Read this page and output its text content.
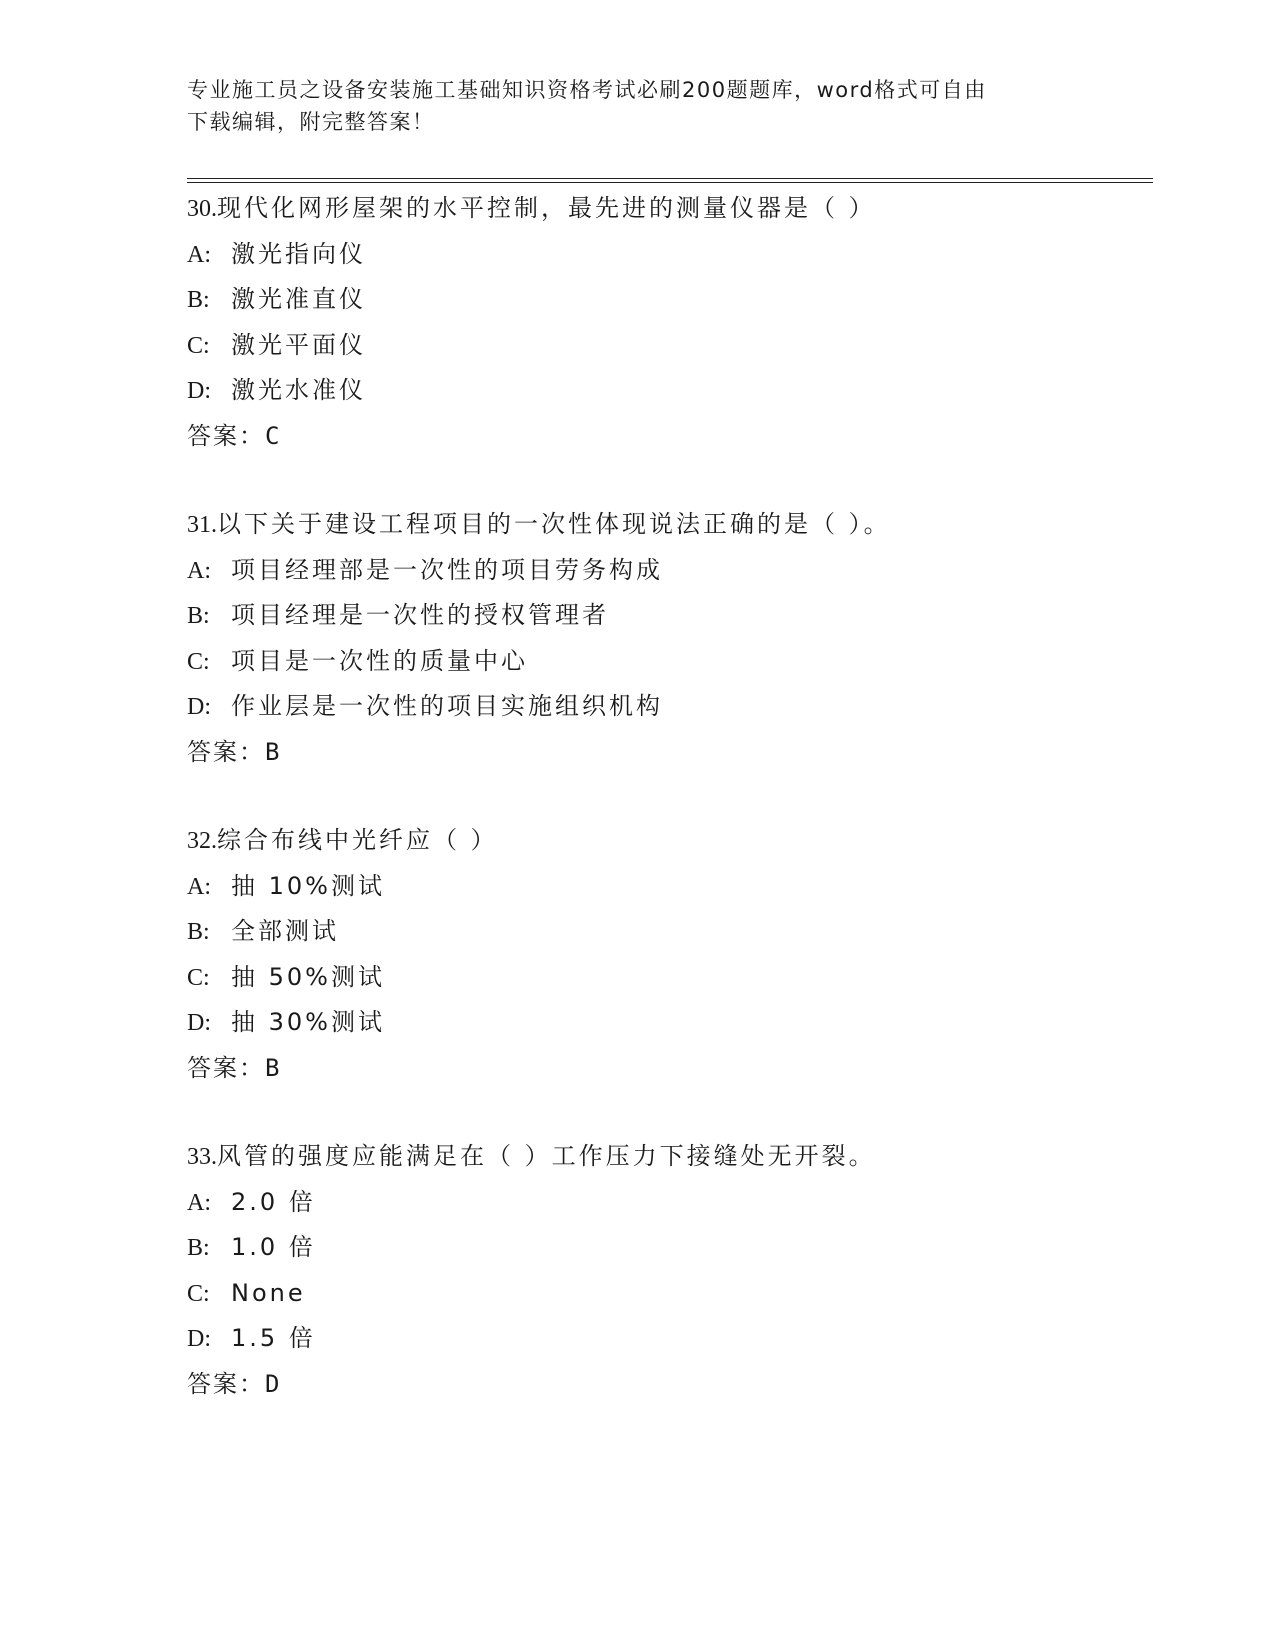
专业施工员之设备安装施工基础知识资格考试必刷200题题库，word格式可自由
下载编辑，附完整答案！
30.现代化网形屋架的水平控制，最先进的测量仪器是（ ）
A: 激光指向仪
B: 激光准直仪
C: 激光平面仪
D: 激光水准仪
答案：C
31.以下关于建设工程项目的一次性体现说法正确的是（ ）。
A: 项目经理部是一次性的项目劳务构成
B: 项目经理是一次性的授权管理者
C: 项目是一次性的质量中心
D: 作业层是一次性的项目实施组织机构
答案：B
32.综合布线中光纤应（ ）
A: 抽 10%测试
B: 全部测试
C: 抽 50%测试
D: 抽 30%测试
答案：B
33.风管的强度应能满足在（ ）工作压力下接缝处无开裂。
A: 2.0 倍
B: 1.0 倍
C: None
D: 1.5 倍
答案：D
